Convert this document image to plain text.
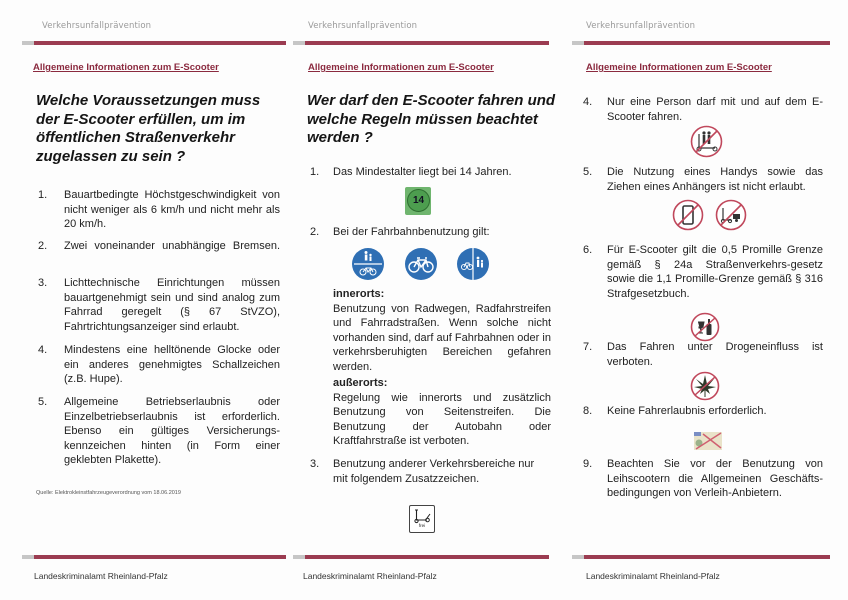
Verkehrsunfallprävention
Allgemeine Informationen zum E-Scooter
Welche Voraussetzungen muss der E-Scooter erfüllen, um im öffentlichen Straßenverkehr zugelassen zu sein ?
1. Bauartbedingte Höchstgeschwindigkeit von nicht weniger als 6 km/h und nicht mehr als 20 km/h.
2. Zwei voneinander unabhängige Bremsen.
3. Lichttechnische Einrichtungen müssen bauartgenehmigt sein und sind analog zum Fahrrad geregelt (§ 67 StVZO), Fahrtrichtungsanzeiger sind erlaubt.
4. Mindestens eine helltönende Glocke oder ein anderes genehmigtes Schallzeichen (z.B. Hupe).
5. Allgemeine Betriebserlaubnis oder Einzelbetriebserlaubnis ist erforderlich. Ebenso ein gültiges Versicherungs-kennzeichen hinten (in Form einer geklebten Plakette).
Quelle: Elektrokleinstfahrzeugeverordnung vom 18.06.2019
Landeskriminalamt Rheinland-Pfalz
Verkehrsunfallprävention
Allgemeine Informationen zum E-Scooter
Wer darf den E-Scooter fahren und welche Regeln müssen beachtet werden ?
1. Das Mindestalter liegt bei 14 Jahren.
14
2. Bei der Fahrbahnbenutzung gilt:
innerorts:
Benutzung von Radwegen, Radfahrstreifen und Fahrradstraßen. Wenn solche nicht vorhanden sind, darf auf Fahrbahnen oder in verkehrsberuhigten Bereichen gefahren werden.
außerorts:
Regelung wie innerorts und zusätzlich Benutzung von Seitenstreifen. Die Benutzung der Autobahn oder Kraftfahrstraße ist verboten.
3. Benutzung anderer Verkehrsbereiche nur mit folgendem Zusatzzeichen.
frei
Landeskriminalamt Rheinland-Pfalz
Verkehrsunfallprävention
Allgemeine Informationen zum E-Scooter
4. Nur eine Person darf mit und auf dem E-Scooter fahren.
5. Die Nutzung eines Handys sowie das Ziehen eines Anhängers ist nicht erlaubt.
6. Für E-Scooter gilt die 0,5 Promille Grenze gemäß § 24a Straßenverkehrs-gesetz sowie die 1,1 Promille-Grenze gemäß § 316 Strafgesetzbuch.
7. Das Fahren unter Drogeneinfluss ist verboten.
8. Keine Fahrerlaubnis erforderlich.
9. Beachten Sie vor der Benutzung von Leihscootern die Allgemeinen Geschäfts-bedingungen von Verleih-Anbietern.
Landeskriminalamt Rheinland-Pfalz
